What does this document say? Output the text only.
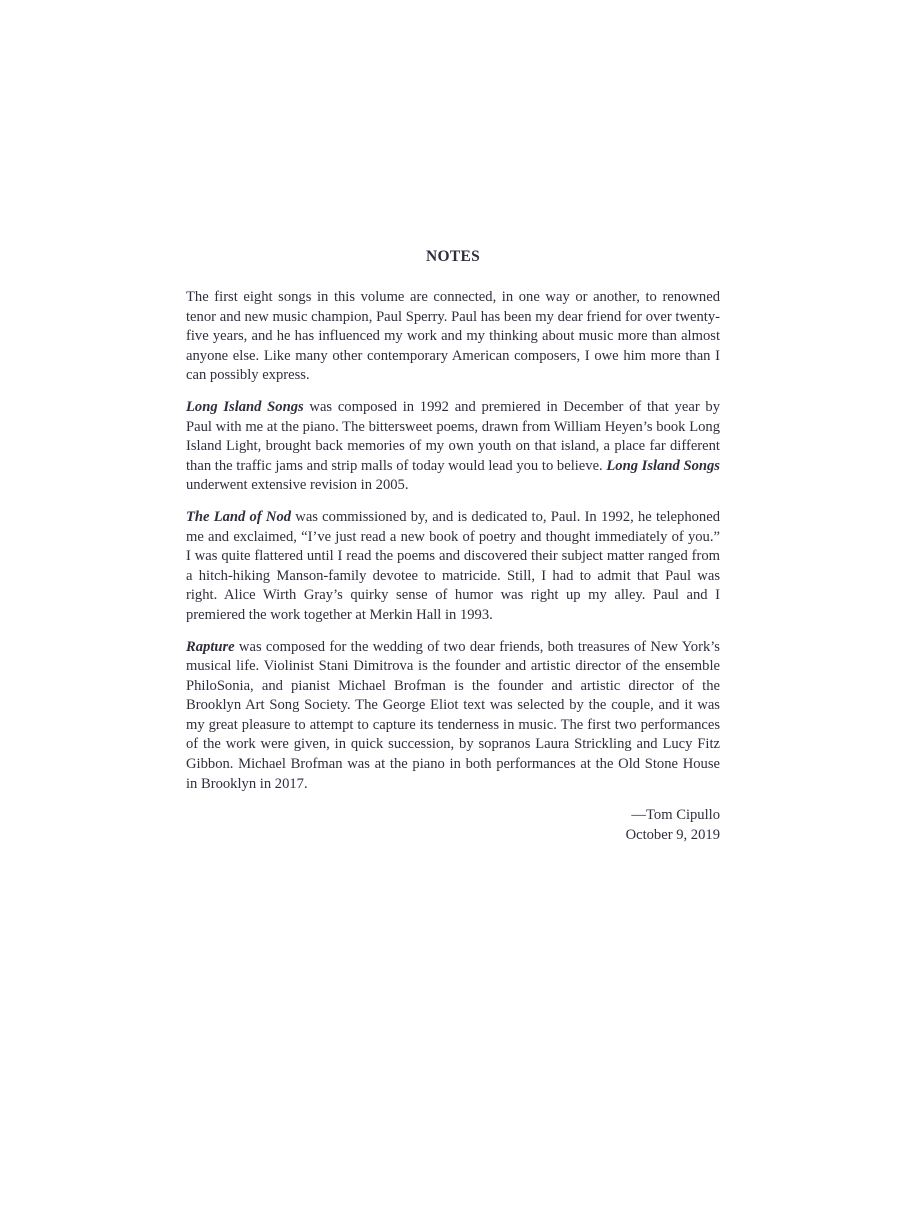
NOTES

The first eight songs in this volume are connected, in one way or another, to renowned tenor and new music champion, Paul Sperry. Paul has been my dear friend for over twenty-five years, and he has influenced my work and my thinking about music more than almost anyone else. Like many other contemporary American composers, I owe him more than I can possibly express.

Long Island Songs was composed in 1992 and premiered in December of that year by Paul with me at the piano. The bittersweet poems, drawn from William Heyen’s book Long Island Light, brought back memories of my own youth on that island, a place far different than the traffic jams and strip malls of today would lead you to believe. Long Island Songs underwent extensive revision in 2005.

The Land of Nod was commissioned by, and is dedicated to, Paul. In 1992, he telephoned me and exclaimed, “I’ve just read a new book of poetry and thought immediately of you.” I was quite flattered until I read the poems and discovered their subject matter ranged from a hitch-hiking Manson-family devotee to matricide. Still, I had to admit that Paul was right. Alice Wirth Gray’s quirky sense of humor was right up my alley. Paul and I premiered the work together at Merkin Hall in 1993.

Rapture was composed for the wedding of two dear friends, both treasures of New York’s musical life. Violinist Stani Dimitrova is the founder and artistic director of the ensemble PhiloSonia, and pianist Michael Brofman is the founder and artistic director of the Brooklyn Art Song Society. The George Eliot text was selected by the couple, and it was my great pleasure to attempt to capture its tenderness in music. The first two performances of the work were given, in quick succession, by sopranos Laura Strickling and Lucy Fitz Gibbon. Michael Brofman was at the piano in both performances at the Old Stone House in Brooklyn in 2017.

—Tom Cipullo
October 9, 2019
